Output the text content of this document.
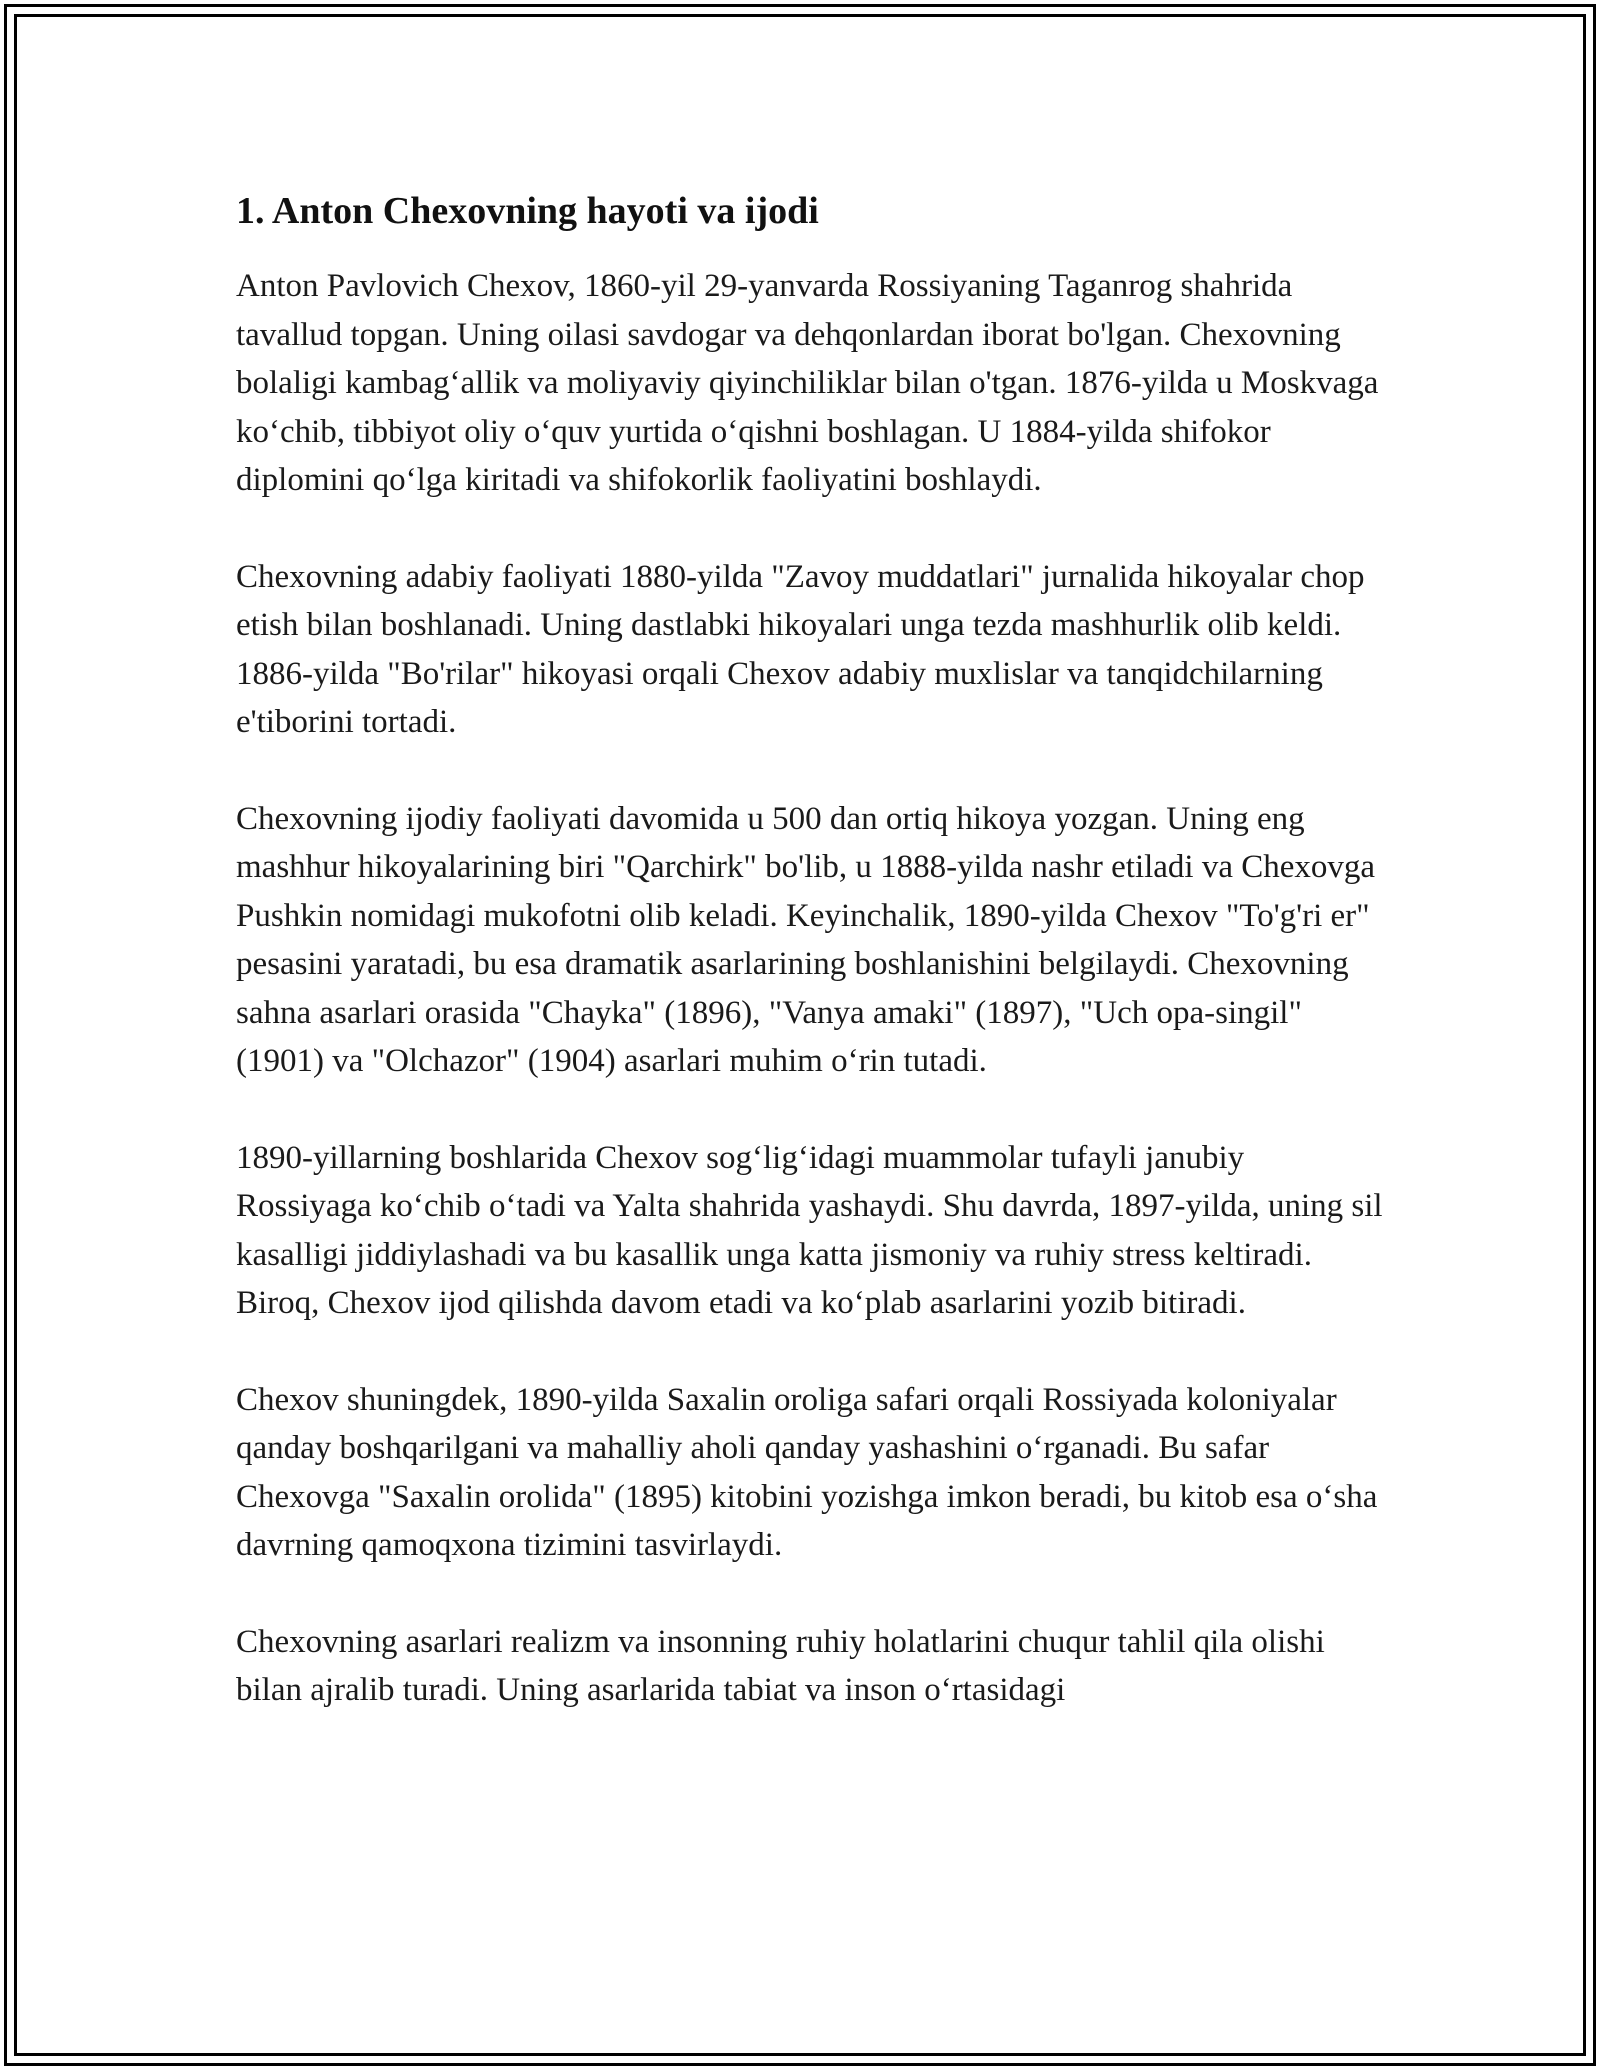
1. Anton Chexovning hayoti va ijodi

Anton Pavlovich Chexov, 1860-yil 29-yanvarda Rossiyaning Taganrog shahrida tavallud topgan. Uning oilasi savdogar va dehqonlardan iborat bo'lgan. Chexovning bolaligi kambag‘allik va moliyaviy qiyinchiliklar bilan o'tgan. 1876-yilda u Moskvaga ko‘chib, tibbiyot oliy o‘quv yurtida o‘qishni boshlagan. U 1884-yilda shifokor diplomini qo‘lga kiritadi va shifokorlik faoliyatini boshlaydi.

Chexovning adabiy faoliyati 1880-yilda "Zavoy muddatlari" jurnalida hikoyalar chop etish bilan boshlanadi. Uning dastlabki hikoyalari unga tezda mashhurlik olib keldi. 1886-yilda "Bo'rilar" hikoyasi orqali Chexov adabiy muxlislar va tanqidchilarning e'tiborini tortadi.

Chexovning ijodiy faoliyati davomida u 500 dan ortiq hikoya yozgan. Uning eng mashhur hikoyalarining biri "Qarchirk" bo'lib, u 1888-yilda nashr etiladi va Chexovga Pushkin nomidagi mukofotni olib keladi. Keyinchalik, 1890-yilda Chexov "To'g'ri er" pesasini yaratadi, bu esa dramatik asarlarining boshlanishini belgilaydi. Chexovning sahna asarlari orasida "Chayka" (1896), "Vanya amaki" (1897), "Uch opa-singil" (1901) va "Olchazor" (1904) asarlari muhim o‘rin tutadi.

1890-yillarning boshlarida Chexov sog‘lig‘idagi muammolar tufayli janubiy Rossiyaga ko‘chib o‘tadi va Yalta shahrida yashaydi. Shu davrda, 1897-yilda, uning sil kasalligi jiddiylashadi va bu kasallik unga katta jismoniy va ruhiy stress keltiradi. Biroq, Chexov ijod qilishda davom etadi va ko‘plab asarlarini yozib bitiradi.

Chexov shuningdek, 1890-yilda Saxalin oroliga safari orqali Rossiyada koloniyalar qanday boshqarilgani va mahalliy aholi qanday yashashini o‘rganadi. Bu safar Chexovga "Saxalin orolida" (1895) kitobini yozishga imkon beradi, bu kitob esa o‘sha davrning qamoqxona tizimini tasvirlaydi.

Chexovning asarlari realizm va insonning ruhiy holatlarini chuqur tahlil qila olishi bilan ajralib turadi. Uning asarlarida tabiat va inson o‘rtasidagi
